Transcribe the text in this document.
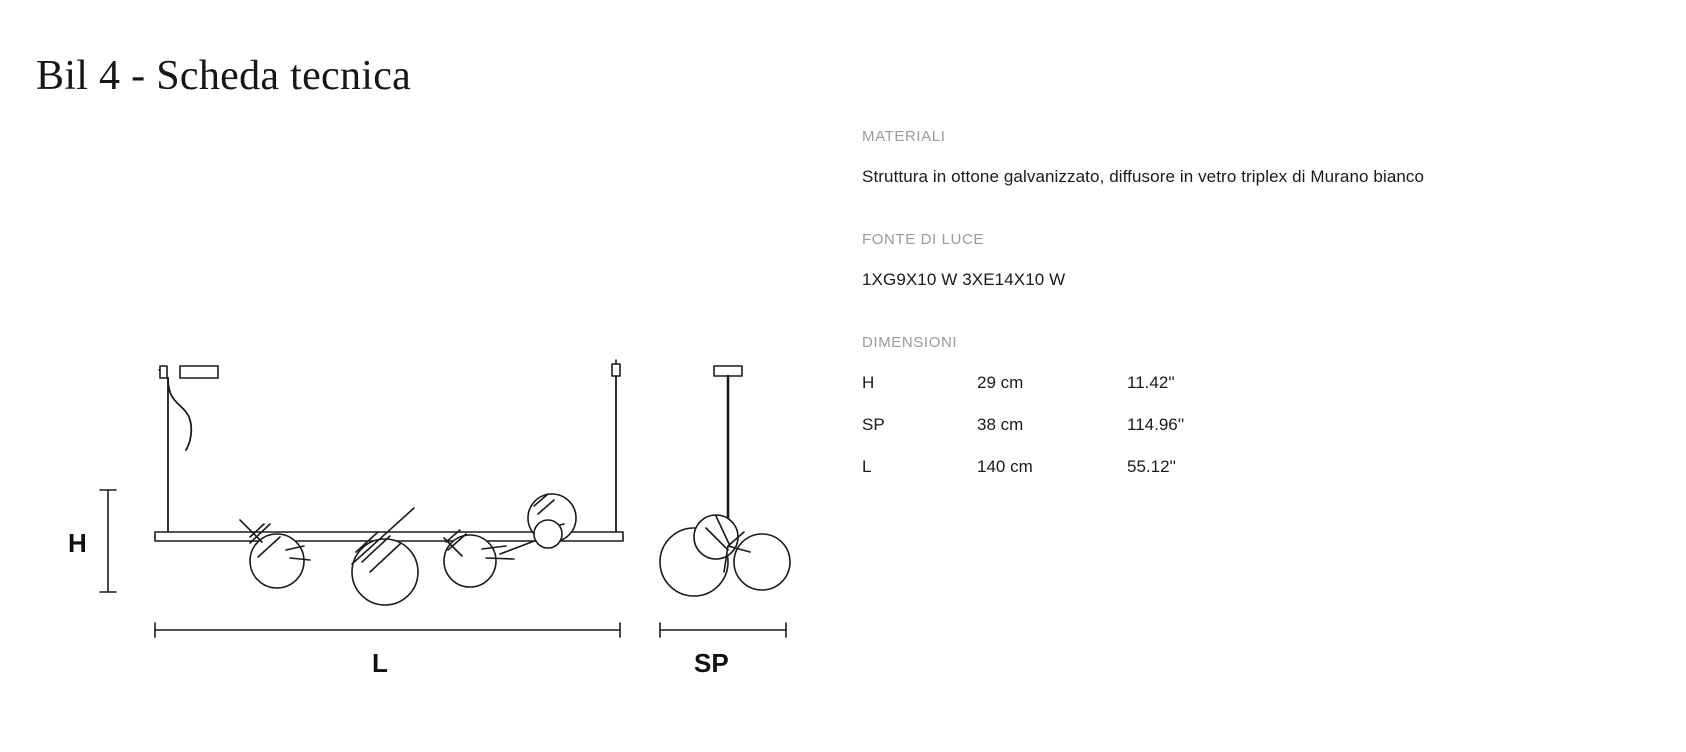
Bil 4 - Scheda tecnica
H
L	SP

MATERIALI

Struttura in ottone galvanizzato, diffusore in vetro triplex di Murano bianco

FONTE DI LUCE

1XG9X10 W 3XE14X10 W

DIMENSIONI

H	29 cm	11.42''
SP	38 cm	114.96''
L	140 cm	55.12''
